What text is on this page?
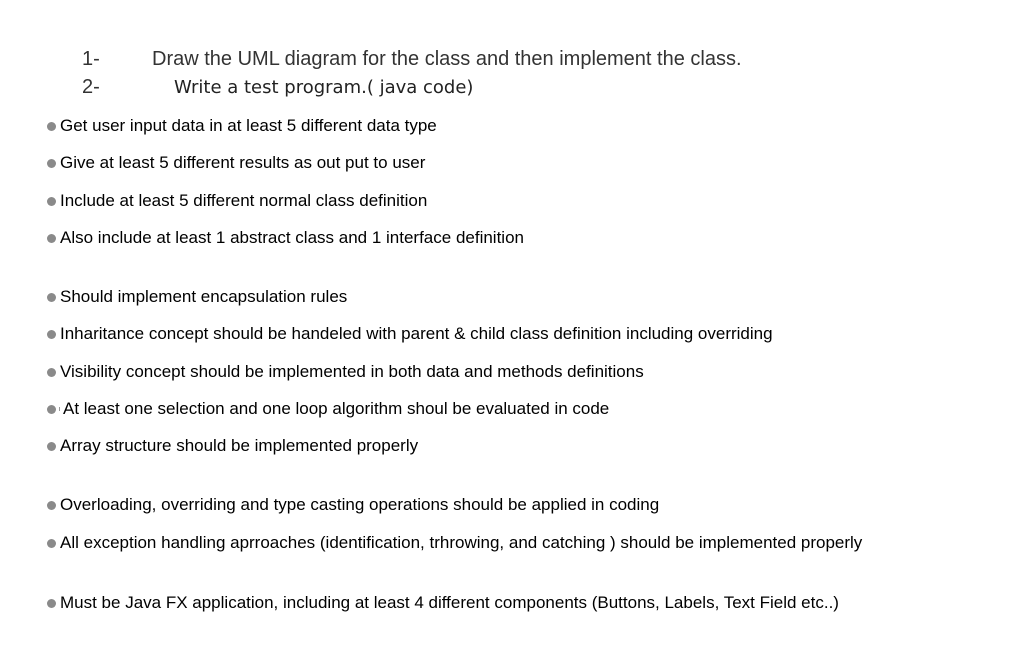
1-	Draw the UML diagram for the class and then implement the class.
2-	Write a test program.( java code)
Get user input data in at least 5 different data type
Give at least 5 different results as out put to user
Include at least 5 different normal class definition
Also include at least 1 abstract class and 1 interface definition
Should implement encapsulation rules
Inharitance concept should be handeled with parent & child class definition including overriding
Visibility concept should be implemented in both data and methods definitions
At least one selection and one loop algorithm shoul be evaluated in code
Array structure should be implemented properly
Overloading, overriding and type casting operations should be applied in coding
All exception handling aprroaches (identification, trhrowing, and catching ) should be implemented properly
Must be Java FX application, including at least 4 different components (Buttons, Labels, Text Field etc..)
